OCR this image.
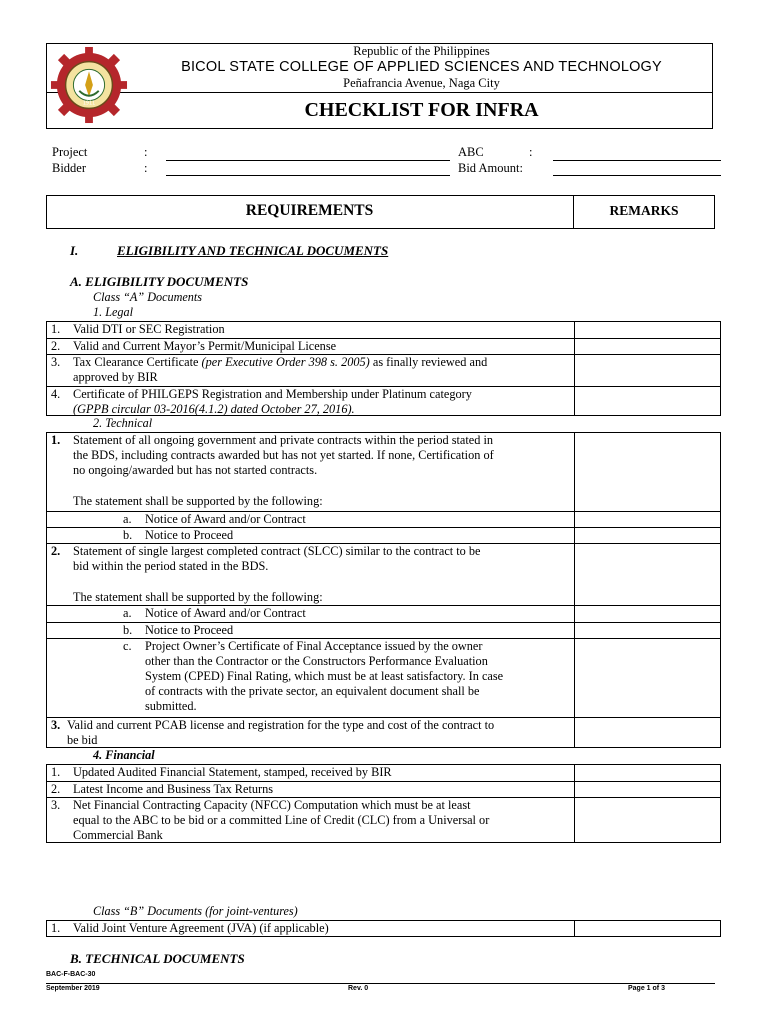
1911
Republic of the Philippines
BICOL STATE COLLEGE OF APPLIED SCIENCES AND TECHNOLOGY
Peñafrancia Avenue, Naga City
CHECKLIST FOR INFRA
Project	:
Bidder	:
ABC	:
Bid Amount:
REQUIREMENTS	REMARKS
I.	ELIGIBILITY AND TECHNICAL DOCUMENTS
A. ELIGIBILITY DOCUMENTS
Class “A” Documents
1. Legal
1. Valid DTI or SEC Registration
2. Valid and Current Mayor’s Permit/Municipal License
3. Tax Clearance Certificate (per Executive Order 398 s. 2005) as finally reviewed and
approved by BIR
4. Certificate of PHILGEPS Registration and Membership under Platinum category
(GPPB circular 03-2016(4.1.2) dated October 27, 2016).
2. Technical
1. Statement of all ongoing government and private contracts within the period stated in
the BDS, including contracts awarded but has not yet started. If none, Certification of
no ongoing/awarded but has not started contracts.
The statement shall be supported by the following:
a. Notice of Award and/or Contract
b. Notice to Proceed
2. Statement of single largest completed contract (SLCC) similar to the contract to be
bid within the period stated in the BDS.
The statement shall be supported by the following:
a. Notice of Award and/or Contract
b. Notice to Proceed
c. Project Owner’s Certificate of Final Acceptance issued by the owner
other than the Contractor or the Constructors Performance Evaluation
System (CPED) Final Rating, which must be at least satisfactory. In case
of contracts with the private sector, an equivalent document shall be
submitted.
3. Valid and current PCAB license and registration for the type and cost of the contract to
be bid
4. Financial
1. Updated Audited Financial Statement, stamped, received by BIR
2. Latest Income and Business Tax Returns
3. Net Financial Contracting Capacity (NFCC) Computation which must be at least
equal to the ABC to be bid or a committed Line of Credit (CLC) from a Universal or
Commercial Bank
Class “B” Documents (for joint-ventures)
1. Valid Joint Venture Agreement (JVA) (if applicable)
B. TECHNICAL DOCUMENTS
BAC-F-BAC-30
September 2019	Rev. 0	Page 1 of 3
